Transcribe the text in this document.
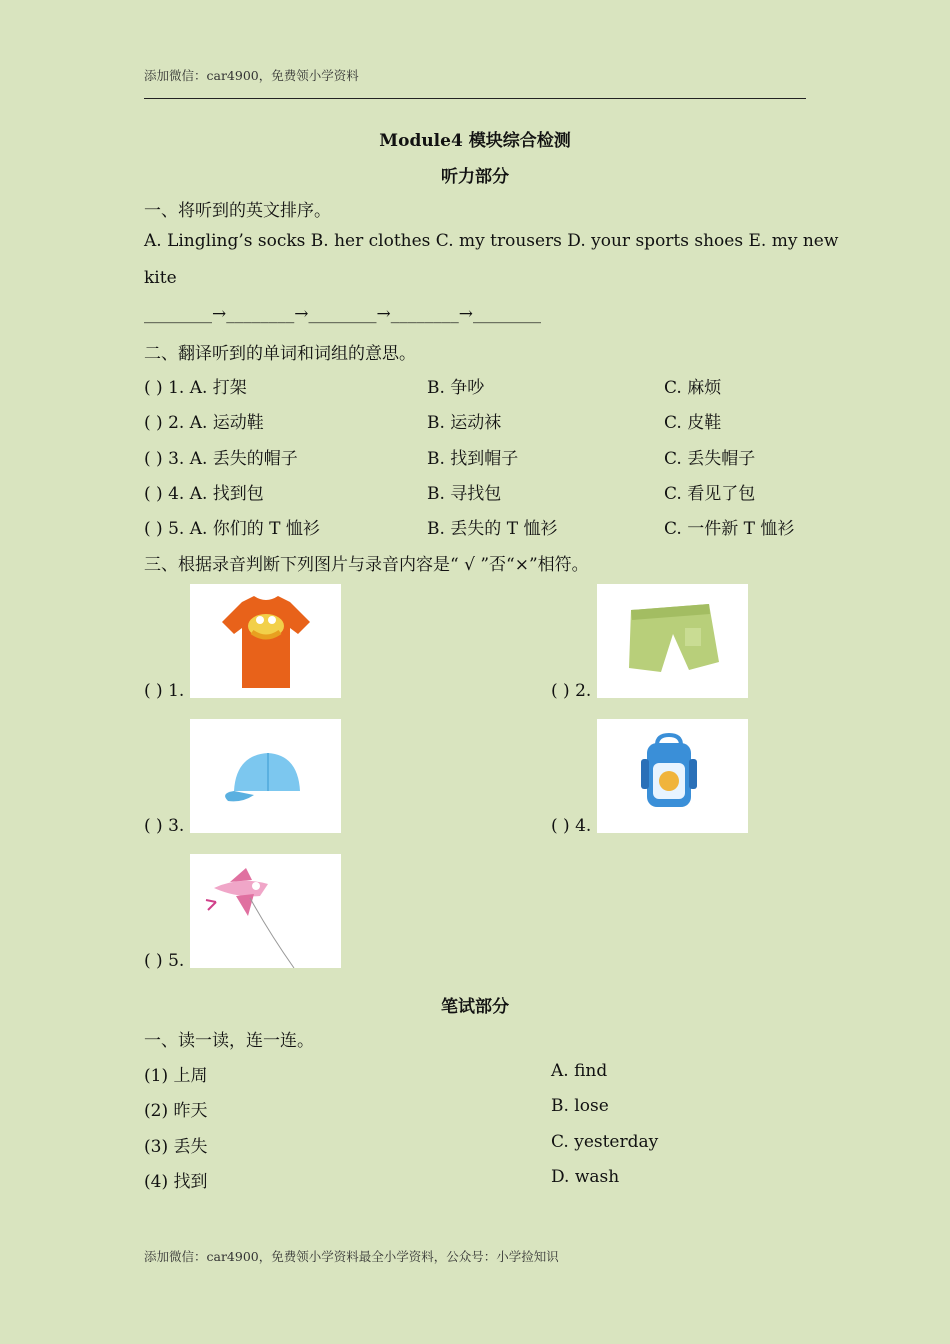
添加微信：car4900，免费领小学资料
Module4 模块综合检测
听力部分
一、将听到的英文排序。
A. Lingling’s socks B. her clothes C. my trousers D. your sports shoes E. my new
kite
________→________→________→________→________
二、翻译听到的单词和词组的意思。
( ) 1. A. 打架	B. 争吵	C. 麻烦
( ) 2. A. 运动鞋	B. 运动袜	C. 皮鞋
( ) 3. A. 丢失的帽子	B. 找到帽子	C. 丢失帽子
( ) 4. A. 找到包	B. 寻找包	C. 看见了包
( ) 5. A. 你们的 T 恤衫	B. 丢失的 T 恤衫	C. 一件新 T 恤衫
三、根据录音判断下列图片与录音内容是“ √ ”否“×”相符。
( ) 1.	( ) 2.
( ) 3.	( ) 4.
( ) 5.
笔试部分
一、读一读，连一连。
(1) 上周	A. find
(2) 昨天	B. lose
(3) 丢失	C. yesterday
(4) 找到	D. wash
添加微信：car4900，免费领小学资料最全小学资料，公众号：小学捡知识
